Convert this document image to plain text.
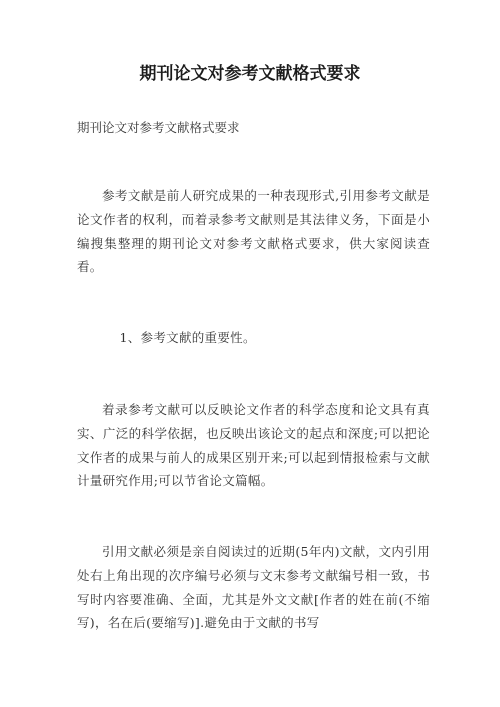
期刊论文对参考文献格式要求

期刊论文对参考文献格式要求

参考文献是前人研究成果的一种表现形式,引用参考文献是论文作者的权利，而着录参考文献则是其法律义务，下面是小编搜集整理的期刊论文对参考文献格式要求，供大家阅读查看。

1、参考文献的重要性。

着录参考文献可以反映论文作者的科学态度和论文具有真实、广泛的科学依据，也反映出该论文的起点和深度;可以把论文作者的成果与前人的成果区别开来;可以起到情报检索与文献计量研究作用;可以节省论文篇幅。

引用文献必须是亲自阅读过的近期(5年内)文献，文内引用处右上角出现的次序编号必须与文末参考文献编号相一致，书写时内容要准确、全面，尤其是外文文献[作者的姓在前(不缩写)，名在后(要缩写)].避免由于文献的书写
